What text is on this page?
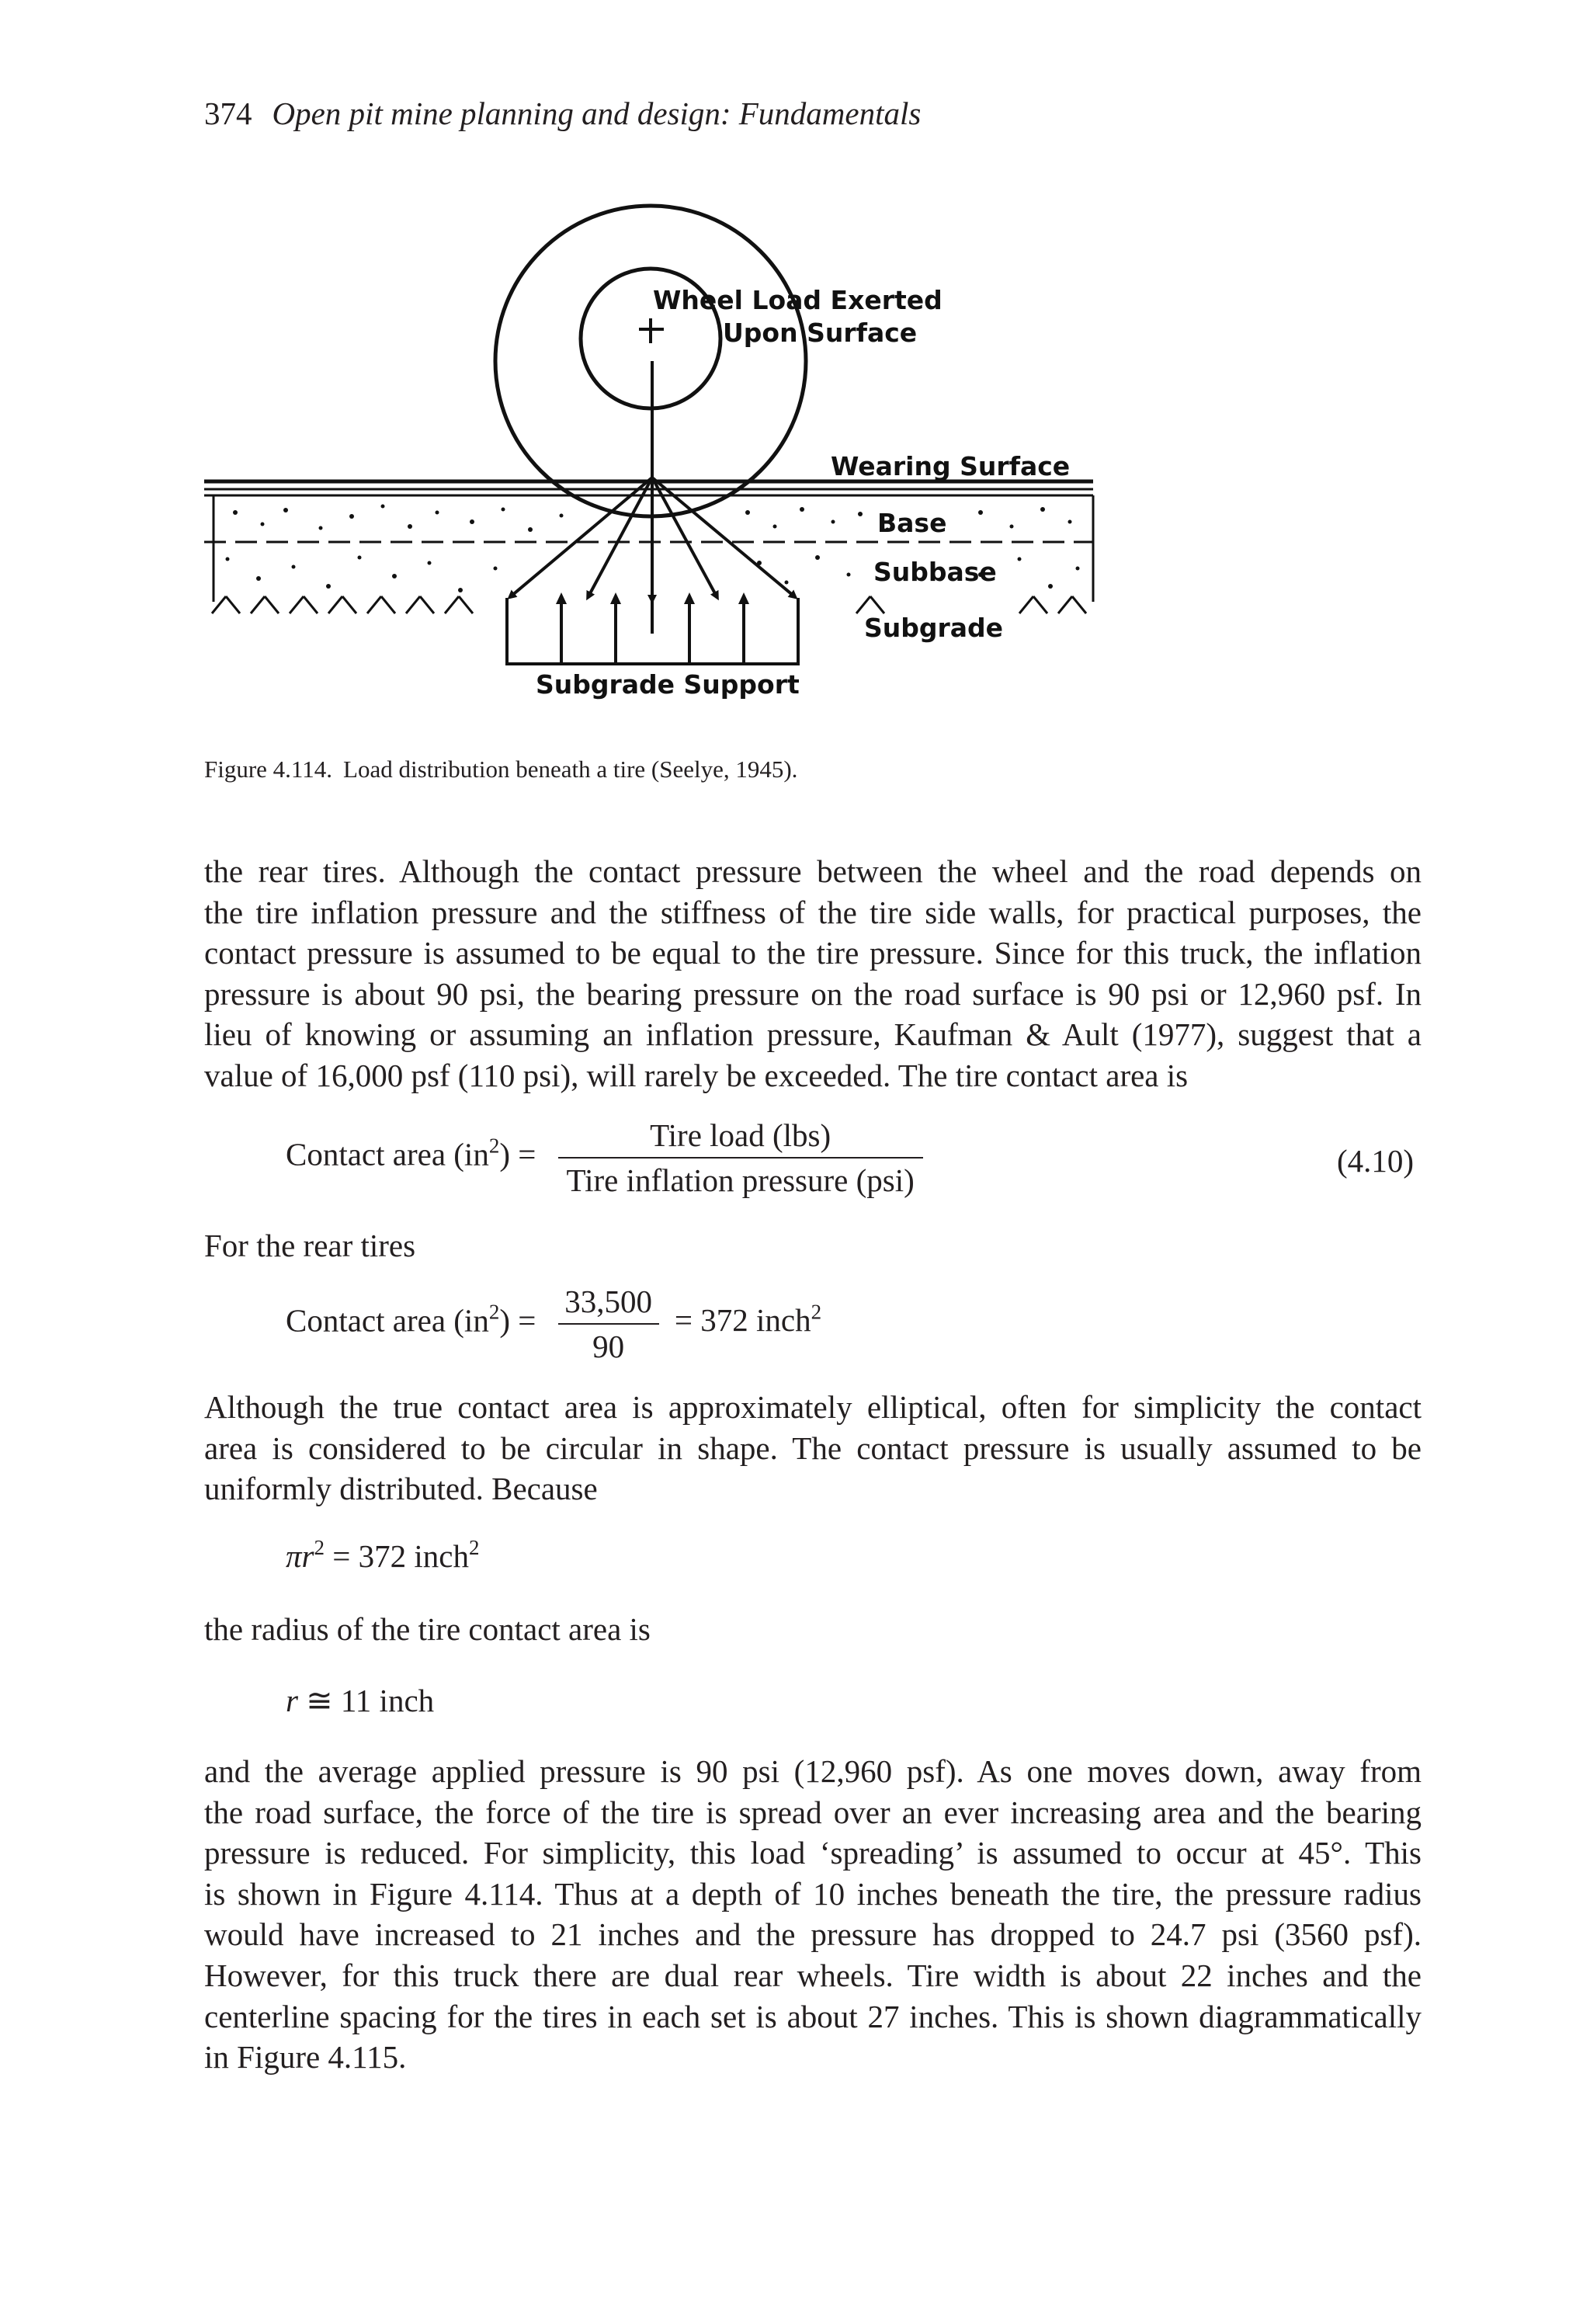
374 Open pit mine planning and design: Fundamentals
Wheel Load Exerted
Upon Surface
Wearing Surface
Base
Subbase
Subgrade
Subgrade Support
Figure 4.114. Load distribution beneath a tire (Seelye, 1945).
the rear tires. Although the contact pressure between the wheel and the road depends on
the tire inflation pressure and the stiffness of the tire side walls, for practical purposes, the
contact pressure is assumed to be equal to the tire pressure. Since for this truck, the inflation
pressure is about 90 psi, the bearing pressure on the road surface is 90 psi or 12,960 psf. In
lieu of knowing or assuming an inflation pressure, Kaufman & Ault (1977), suggest that a
value of 16,000 psf (110 psi), will rarely be exceeded. The tire contact area is
Contact area $(in^2) = \frac{\text{Tire load (lbs)}}{\text{Tire inflation pressure (psi)}}$	(4.10)
For the rear tires
Contact area $(in^2) = \frac{33,500}{90} = 372$ inch$^2$
Although the true contact area is approximately elliptical, often for simplicity the contact
area is considered to be circular in shape. The contact pressure is usually assumed to be
uniformly distributed. Because
$\pi r^2 = 372$ inch$^2$
the radius of the tire contact area is
r ≅ 11 inch
and the average applied pressure is 90 psi (12,960 psf). As one moves down, away from
the road surface, the force of the tire is spread over an ever increasing area and the bearing
pressure is reduced. For simplicity, this load ‘spreading’ is assumed to occur at 45°. This
is shown in Figure 4.114. Thus at a depth of 10 inches beneath the tire, the pressure radius
would have increased to 21 inches and the pressure has dropped to 24.7 psi (3560 psf).
However, for this truck there are dual rear wheels. Tire width is about 22 inches and the
centerline spacing for the tires in each set is about 27 inches. This is shown diagrammatically
in Figure 4.115.
